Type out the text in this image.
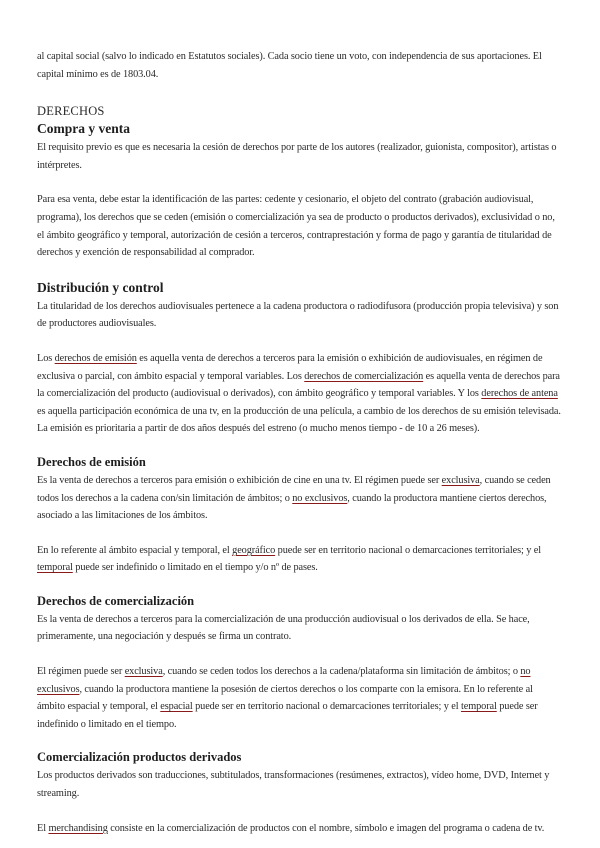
al capital social (salvo lo indicado en Estatutos sociales). Cada socio tiene un voto, con independencia de sus aportaciones. El capital mínimo es de 1803.04.

DERECHOS
Compra y venta

El requisito previo es que es necesaria la cesión de derechos por parte de los autores (realizador, guionista, compositor), artistas o intérpretes.

Para esa venta, debe estar la identificación de las partes: cedente y cesionario, el objeto del contrato (grabación audiovisual, programa), los derechos que se ceden (emisión o comercialización ya sea de producto o productos derivados), exclusividad o no, el ámbito geográfico y temporal, autorización de cesión a terceros, contraprestación y forma de pago y garantía de titularidad de derechos y exención de responsabilidad al comprador.

Distribución y control

La titularidad de los derechos audiovisuales pertenece a la cadena productora o radiodifusora (producción propia televisiva) y son de productores audiovisuales.

Los derechos de emisión es aquella venta de derechos a terceros para la emisión o exhibición de audiovisuales, en régimen de exclusiva o parcial, con ámbito espacial y temporal variables. Los derechos de comercialización es aquella venta de derechos para la comercialización del producto (audiovisual o derivados), con ámbito geográfico y temporal variables. Y los derechos de antena es aquella participación económica de una tv, en la producción de una película, a cambio de los derechos de su emisión televisada. La emisión es prioritaria a partir de dos años después del estreno (o mucho menos tiempo - de 10 a 26 meses).

Derechos de emisión

Es la venta de derechos a terceros para emisión o exhibición de cine en una tv. El régimen puede ser exclusiva, cuando se ceden todos los derechos a la cadena con/sin limitación de ámbitos; o no exclusivos, cuando la productora mantiene ciertos derechos, asociado a las limitaciones de los ámbitos.

En lo referente al ámbito espacial y temporal, el geográfico puede ser en territorio nacional o demarcaciones territoriales; y el temporal puede ser indefinido o limitado en el tiempo y/o nº de pases.

Derechos de comercialización

Es la venta de derechos a terceros para la comercialización de una producción audiovisual o los derivados de ella. Se hace, primeramente, una negociación y después se firma un contrato.

El régimen puede ser exclusiva, cuando se ceden todos los derechos a la cadena/plataforma sin limitación de ámbitos; o no exclusivos, cuando la productora mantiene la posesión de ciertos derechos o los comparte con la emisora. En lo referente al ámbito espacial y temporal, el espacial puede ser en territorio nacional o demarcaciones territoriales; y el temporal puede ser indefinido o limitado en el tiempo.

Comercialización productos derivados

Los productos derivados son traducciones, subtitulados, transformaciones (resúmenes, extractos), vídeo home, DVD, Internet y streaming.

El merchandising consiste en la comercialización de productos con el nombre, símbolo e imagen del programa o cadena de tv.
